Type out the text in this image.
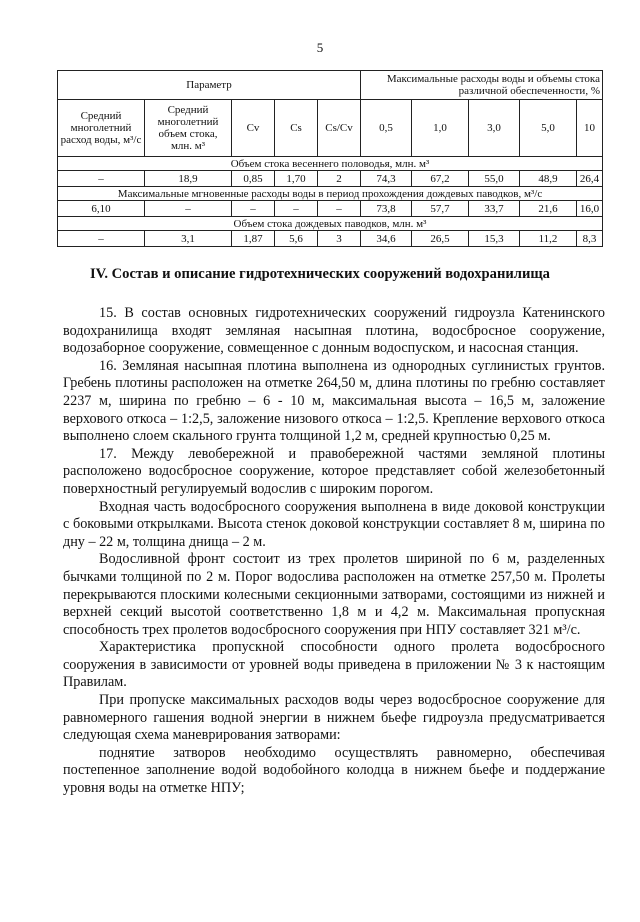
5
Параметр					Максимальные расходы воды и объемы стока различной обеспеченности, %				
Средний многолетний расход воды, м³/с	Средний многолетний объем стока, млн. м³	Cv	Cs	Cs/Cv	0,5	1,0	3,0	5,0	10
Объем стока весеннего половодья, млн. м³									
–	18,9	0,85	1,70	2	74,3	67,2	55,0	48,9	26,4
Максимальные мгновенные расходы воды в период прохождения дождевых паводков, м³/с									
6,10	–	–	–	–	73,8	57,7	33,7	21,6	16,0
Объем стока дождевых паводков, млн. м³									
–	3,1	1,87	5,6	3	34,6	26,5	15,3	11,2	8,3
IV. Состав и описание гидротехнических сооружений водохранилища

15. В состав основных гидротехнических сооружений гидроузла Катенинского водохранилища входят земляная насыпная плотина, водосбросное сооружение, водозаборное сооружение, совмещенное с донным водоспуском, и насосная станция.

16. Земляная насыпная плотина выполнена из однородных суглинистых грунтов. Гребень плотины расположен на отметке 264,50 м, длина плотины по гребню составляет 2237 м, ширина по гребню – 6 - 10 м, максимальная высота – 16,5 м, заложение верхового откоса – 1:2,5, заложение низового откоса – 1:2,5. Крепление верхового откоса выполнено слоем скального грунта толщиной 1,2 м, средней крупностью 0,25 м.

17. Между левобережной и правобережной частями земляной плотины расположено водосбросное сооружение, которое представляет собой железобетонный поверхностный регулируемый водослив с широким порогом.

Входная часть водосбросного сооружения выполнена в виде доковой конструкции с боковыми открылками. Высота стенок доковой конструкции составляет 8 м, ширина по дну – 22 м, толщина днища – 2 м.

Водосливной фронт состоит из трех пролетов шириной по 6 м, разделенных бычками толщиной по 2 м. Порог водослива расположен на отметке 257,50 м. Пролеты перекрываются плоскими колесными секционными затворами, состоящими из нижней и верхней секций высотой соответственно 1,8 м и 4,2 м. Максимальная пропускная способность трех пролетов водосбросного сооружения при НПУ составляет 321 м³/с.

Характеристика пропускной способности одного пролета водосбросного сооружения в зависимости от уровней воды приведена в приложении № 3 к настоящим Правилам.

При пропуске максимальных расходов воды через водосбросное сооружение для равномерного гашения водной энергии в нижнем бьефе гидроузла предусматривается следующая схема маневрирования затворами:

поднятие затворов необходимо осуществлять равномерно, обеспечивая постепенное заполнение водой водобойного колодца в нижнем бьефе и поддержание уровня воды на отметке НПУ;
